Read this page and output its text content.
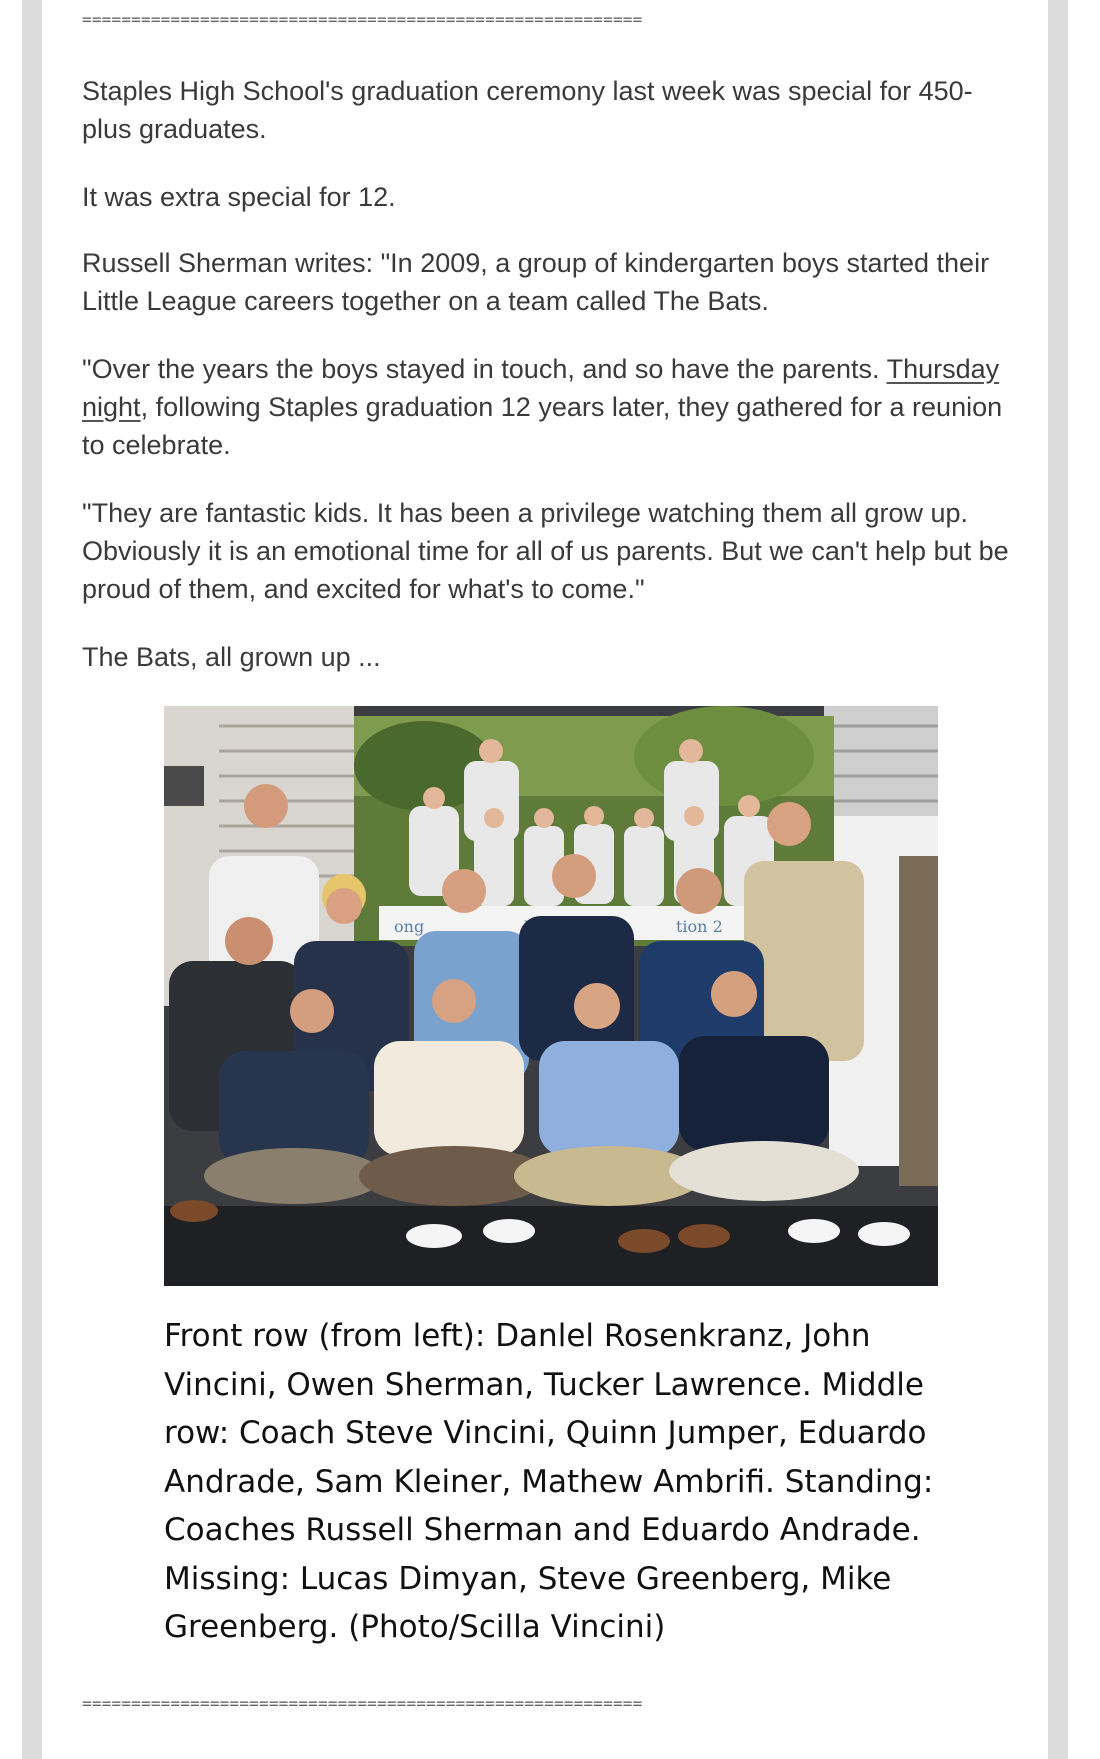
=========================================================

Staples High School's graduation ceremony last week was special for 450-plus graduates.

It was extra special for 12.

Russell Sherman writes: "In 2009, a group of kindergarten boys started their Little League careers together on a team called The Bats.

"Over the years the boys stayed in touch, and so have the parents. Thursday night, following Staples graduation 12 years later, they gathered for a reunion to celebrate.

"They are fantastic kids. It has been a privilege watching them all grow up. Obviously it is an emotional time for all of us parents. But we can't help but be proud of them, and excited for what's to come."

The Bats, all grown up ...

ong	tion 2

Front row (from left): Danlel Rosenkranz, John Vincini, Owen Sherman, Tucker Lawrence. Middle row: Coach Steve Vincini, Quinn Jumper, Eduardo Andrade, Sam Kleiner, Mathew Ambrifi. Standing: Coaches Russell Sherman and Eduardo Andrade. Missing: Lucas Dimyan, Steve Greenberg, Mike Greenberg. (Photo/Scilla Vincini)

=========================================================
